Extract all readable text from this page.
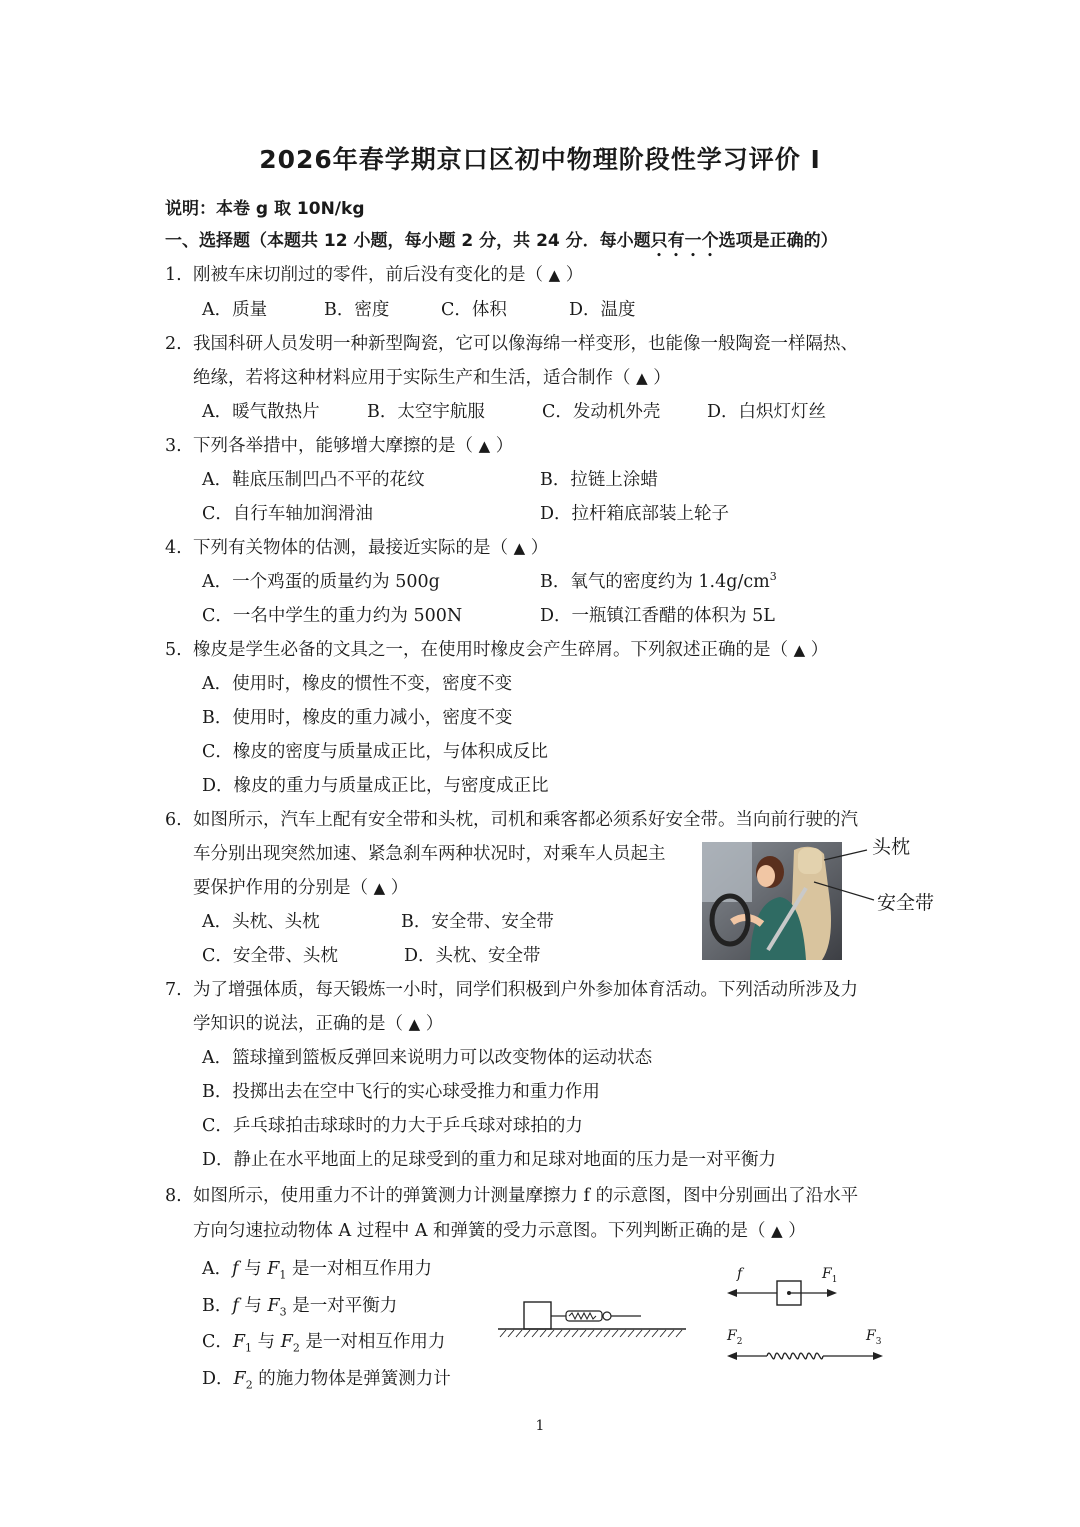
2026年春学期京口区初中物理阶段性学习评价 I
说明：本卷 g 取 10N/kg
一、选择题（本题共 12 小题，每小题 2 分，共 24 分．每小题只有一个选项是正确的）
1. 刚被车床切削过的零件，前后没有变化的是（ ▲ ）
A．质量	B．密度	C．体积	D．温度
2. 我国科研人员发明一种新型陶瓷，它可以像海绵一样变形，也能像一般陶瓷一样隔热、
绝缘，若将这种材料应用于实际生产和生活，适合制作（ ▲ ）
A．暖气散热片	B．太空宇航服	C．发动机外壳	D．白炽灯灯丝
3. 下列各举措中，能够增大摩擦的是（ ▲ ）
A．鞋底压制凹凸不平的花纹	B．拉链上涂蜡
C．自行车轴加润滑油	D．拉杆箱底部装上轮子
4. 下列有关物体的估测，最接近实际的是（ ▲ ）
A．一个鸡蛋的质量约为 500g	B．氧气的密度约为 $1.4g/cm^3$
C．一名中学生的重力约为 500N	D．一瓶镇江香醋的体积为 5L
5. 橡皮是学生必备的文具之一，在使用时橡皮会产生碎屑。下列叙述正确的是（ ▲ ）
A．使用时，橡皮的惯性不变，密度不变
B．使用时，橡皮的重力减小，密度不变
C．橡皮的密度与质量成正比，与体积成反比
D．橡皮的重力与质量成正比，与密度成正比
6. 如图所示，汽车上配有安全带和头枕，司机和乘客都必须系好安全带。当向前行驶的汽
车分别出现突然加速、紧急刹车两种状况时，对乘车人员起主
要保护作用的分别是（ ▲ ）
A．头枕、头枕	B．安全带、安全带
C．安全带、头枕	D．头枕、安全带
头枕
安全带
7. 为了增强体质，每天锻炼一小时，同学们积极到户外参加体育活动。下列活动所涉及力
学知识的说法，正确的是（ ▲ ）
A．篮球撞到篮板反弹回来说明力可以改变物体的运动状态
B．投掷出去在空中飞行的实心球受推力和重力作用
C．乒乓球拍击球球时的力大于乒乓球对球拍的力
D．静止在水平地面上的足球受到的重力和足球对地面的压力是一对平衡力
8. 如图所示，使用重力不计的弹簧测力计测量摩擦力 f 的示意图，图中分别画出了沿水平
方向匀速拉动物体 A 过程中 A 和弹簧的受力示意图。下列判断正确的是（ ▲ ）
A．f 与 $F_1$ 是一对相互作用力
B．f 与 $F_3$ 是一对平衡力
C．$F_1$ 与 $F_2$ 是一对相互作用力
D．$F_2$ 的施力物体是弹簧测力计
f	$F_1$
$F_2$	$F_3$
1
